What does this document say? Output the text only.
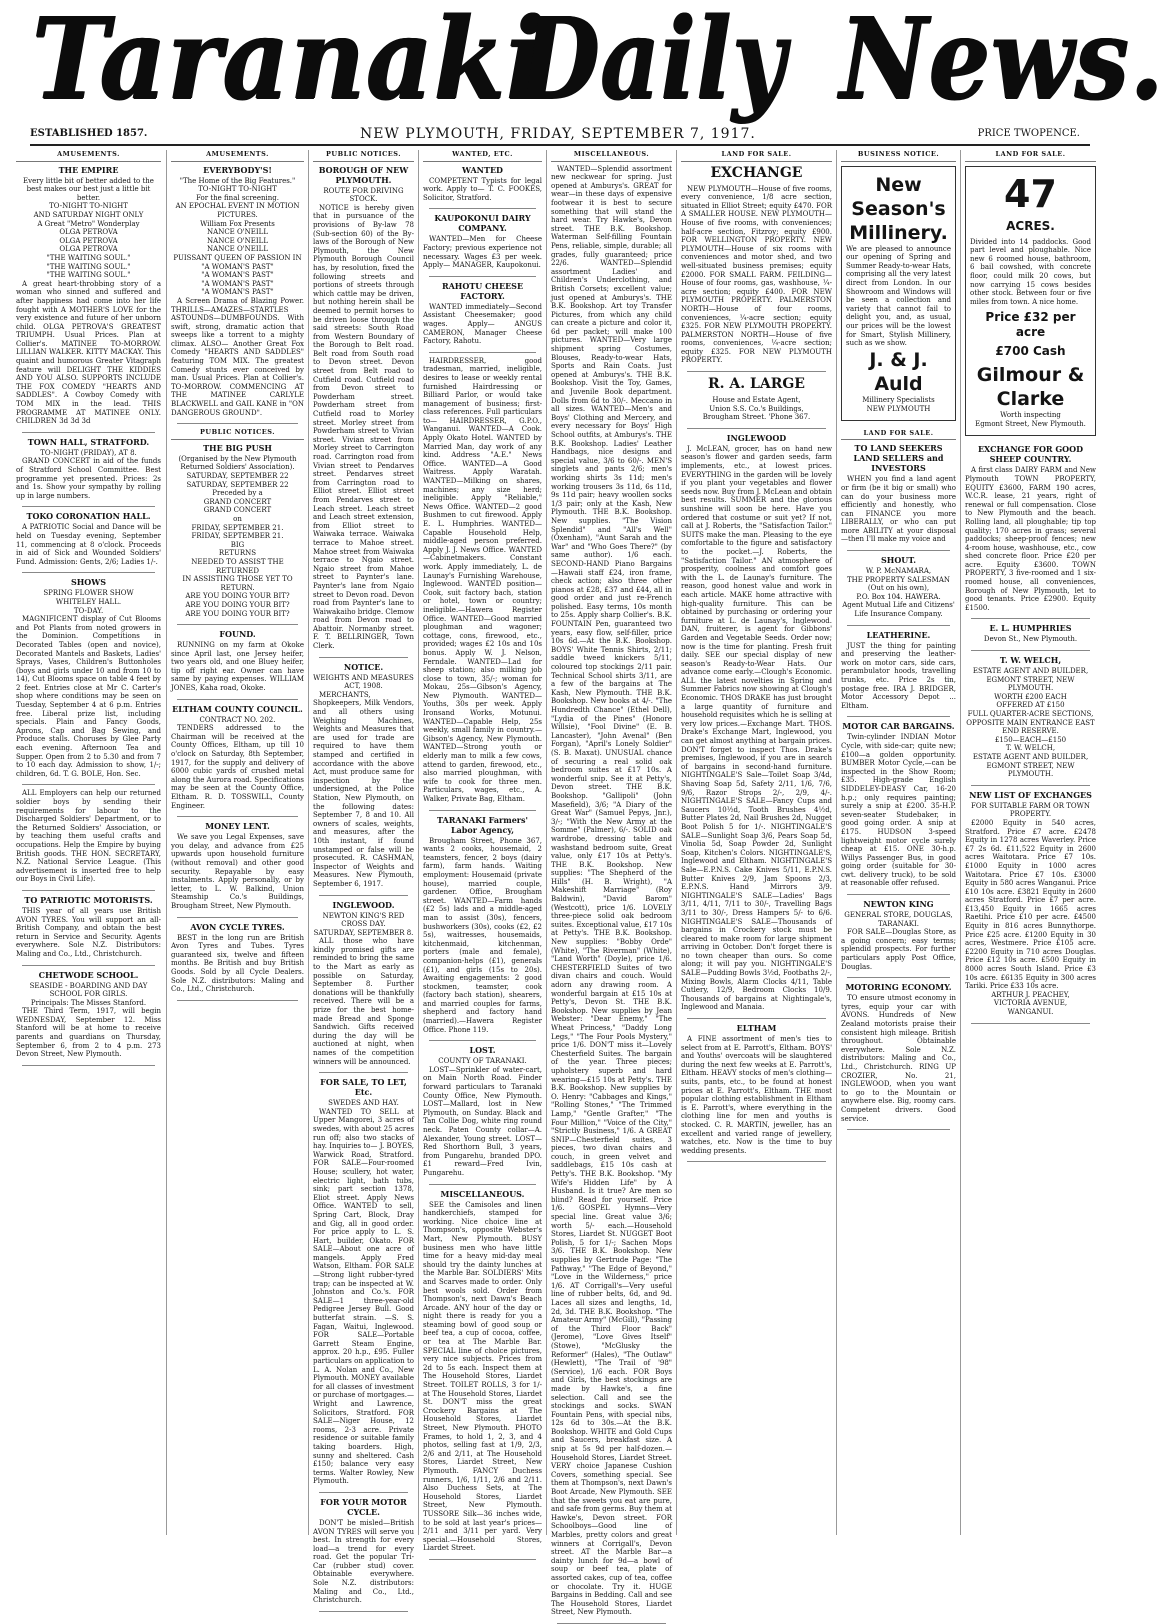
Taranaki
Daily News.
ESTABLISHED 1857.	NEW PLYMOUTH, FRIDAY, SEPTEMBER 7, 1917.	PRICE TWOPENCE.
AMUSEMENTS.
THE EMPIRE
Every little bit of better added to the best makes our best just a little bit better.
TO-NIGHT TO-NIGHT
AND SATURDAY NIGHT ONLY
A Great "Metro" Wonderplay
OLGA PETROVA
OLGA PETROVA
OLGA PETROVA
"THE WAITING SOUL."
"THE WAITING SOUL."
"THE WAITING SOUL."
A great heart-throbbing story of a woman who sinned and suffered and after happiness had come into her life fought with A MOTHER'S LOVE for the very existence and future of her unborn child. OLGA PETROVA'S GREATEST TRIUMPH. Usual Prices. Plan at Collier's. MATINEE TO-MORROW. LILLIAN WALKER. KITTY MACKAY. This quaint and humorous Greater Vitagraph feature will DELIGHT THE KIDDIES AND YOU ALSO. SUPPORTS INCLUDE THE FOX COMEDY "HEARTS AND SADDLES". A Cowboy Comedy with TOM MIX in the lead. THIS PROGRAMME AT MATINEE ONLY. CHILDREN 3d 3d 3d
TOWN HALL, STRATFORD.
TO-NIGHT (FRIDAY), AT 8.
GRAND CONCERT in aid of the funds of Stratford School Committee. Best programme yet presented. Prices: 2s and 1s. Show your sympathy by rolling up in large numbers.
TOKO CORONATION HALL.
A PATRIOTIC Social and Dance will be held on Tuesday evening, September 11, commencing at 8 o'clock. Proceeds in aid of Sick and Wounded Soldiers' Fund. Admission: Gents, 2/6; Ladies 1/-.
SHOWS
SPRING FLOWER SHOW
WHITELEY HALL.
TO-DAY.
MAGNIFICENT display of Cut Blooms and Pot Plants from noted growers in the Dominion. Competitions in Decorated Tables (open and novice), Decorated Mantels and Baskets, Ladies' Sprays, Vases, Children's Buttonholes (boys and girls under 10 and from 10 to 14), Cut Blooms space on table 4 feet by 2 feet. Entries close at Mr C. Carter's shop where conditions may be seen on Tuesday, September 4 at 6 p.m. Entries free. Liberal prize list, including specials. Plain and Fancy Goods, Aprons, Cap and Bag Sewing, and Produce stalls. Choruses by Glee Party each evening. Afternoon Tea and Supper. Open from 2 to 5.30 and from 7 to 10 each day. Admission to show, 1/-; children, 6d. T. G. BOLE, Hon. Sec.
ALL Employers can help our returned soldier boys by sending their requirements for labour to the Discharged Soldiers' Department, or to the Returned Soldiers' Association, or by teaching them useful crafts and occupations. Help the Empire by buying British goods. THE HON. SECRETARY, N.Z. National Service League. (This advertisement is inserted free to help our Boys in Civil Life).
TO PATRIOTIC MOTORISTS.
THIS year of all years use British AVON TYRES. You will support an all-British Company, and obtain the best return in Service and Security. Agents everywhere. Sole N.Z. Distributors: Maling and Co., Ltd., Christchurch.
CHETWODE SCHOOL.
SEASIDE - BOARDING AND DAY SCHOOL FOR GIRLS.
Principals: The Misses Stanford.
THE Third Term, 1917, will begin WEDNESDAY, September 12. Miss Stanford will be at home to receive parents and guardians on Thursday, September 6, from 2 to 4 p.m. 273 Devon Street, New Plymouth.
AMUSEMENTS.
EVERYBODY'S!
"The Home of the Big Features."
TO-NIGHT TO-NIGHT
For the final screening.
AN EPOCHAL EVENT IN MOTION PICTURES.
William Fox Presents
NANCE O'NEILL
NANCE O'NEILL
NANCE O'NEILL
PUISSANT QUEEN OF PASSION IN
"A WOMAN'S PAST"
"A WOMAN'S PAST"
"A WOMAN'S PAST"
"A WOMAN'S PAST"
A Screen Drama of Blazing Power. THRILLS—AMAZES—STARTLES ASTOUNDS—DUMBFOUNDS. With swift, strong, dramatic action that sweeps like a torrent to a mighty climax. ALSO— Another Great Fox Comedy "HEARTS AND SADDLES" featuring TOM MIX. The greatest Comedy stunts ever conceived by man. Usual Prices. Plan at Collier's. TO-MORROW. COMMENCING AT THE MATINEE CARLYLE BLACKWELL and GAIL KANE in "ON DANGEROUS GROUND".
PUBLIC NOTICES.
THE BIG PUSH
(Organised by the New Plymouth Returned Soldiers' Association).
SATURDAY, SEPTEMBER 22
SATURDAY, SEPTEMBER 22
Preceded by a
GRAND CONCERT
GRAND CONCERT
on
FRIDAY, SEPTEMBER 21.
FRIDAY, SEPTEMBER 21.
BIG
RETURNS
NEEDED TO ASSIST THE
RETURNED
IN ASSISTING THOSE YET TO
RETURN.
ARE YOU DOING YOUR BIT?
ARE YOU DOING YOUR BIT?
ARE YOU DOING YOUR BIT?
FOUND.
RUNNING on my farm at Okoke since April last, one Jersey heifer, two years old, and one Bluey heifer, tip off right ear. Owner can have same by paying expenses. WILLIAM JONES, Kaha road, Okoke.
ELTHAM COUNTY COUNCIL.
CONTRACT NO. 202.
TENDERS addressed to the Chairman will be received at the County Offices, Eltham, up till 10 o'clock on Saturday, 8th September, 1917, for the supply and delivery of 6000 cubic yards of crushed metal along the Aurora road. Specifications may be seen at the County Office, Eltham. R. D. TOSSWILL, County Engineer.
MONEY LENT.
We save you Legal Expenses, save you delay, and advance from £25 upwards upon household furniture (without removal) and other good security. Repayable by easy instalments. Apply personally, or by letter, to L. W. Balkind, Union Steamship Co.'s Buildings, Brougham Street, New Plymouth.
AVON CYCLE TYRES.
BEST in the long run are British Avon Tyres and Tubes. Tyres guaranteed six, twelve and fifteen months. Be British and buy British Goods. Sold by all Cycle Dealers. Sole N.Z. distributors: Maling and Co., Ltd., Christchurch.
PUBLIC NOTICES.
BOROUGH OF NEW PLYMOUTH.
ROUTE FOR DRIVING STOCK.
NOTICE is hereby given that in pursuance of the provisions of By-law 78 (Sub-section 60) of the By-laws of the Borough of New Plymouth, the New Plymouth Borough Council has, by resolution, fixed the following streets and portions of streets through which cattle may be driven, but nothing herein shall be deemed to permit horses to be driven loose through the said streets: South Road from Western Boundary of the Borough to Belt road. Belt road from South road to Devon street. Devon street from Belt road to Cutfield road. Cutfield road from Devon street to Powderham street. Powderham street from Cutfield road to Morley street. Morley street from Powderham street to Vivian street. Vivian street from Morley street to Carrington road. Carrington road from Vivian street to Pendarves street. Pendarves street from Carrington road to Elliot street. Elliot street from Pendarves street to Leach street. Leach street and Leach street extension, from Elliot street to Waiwaka terrace. Waiwaka terrace to Mahoe street. Mahoe street from Waiwaka terrace to Ngaio street. Ngaio street from Mahoe street to Paynter's lane. Paynter's lane from Ngaio street to Devon road. Devon road from Paynter's lane to Waiwakaiho bridge. Clemow road from Devon road to Abattoir. Normanby street. F. T. BELLRINGER, Town Clerk.
NOTICE.
WEIGHTS AND MEASURES ACT, 1908.
MERCHANTS, Shopkeepers, Milk Vendors, and all others using Weighing Machines, Weights and Measures that are used for trade are required to have them stamped and certified in accordance with the above Act, must produce same for inspection by the undersigned, at the Police Station, New Plymouth, on the following dates: September 7, 8 and 10. All owners of scales, weights, and measures, after the 10th instant, if found unstamped or false will be prosecuted. R. CASHMAN, Inspector of Weights and Measures. New Plymouth, September 6, 1917.
INGLEWOOD.
NEWTON KING'S RED CROSS DAY.
SATURDAY, SEPTEMBER 8.
ALL those who have kindly promised gifts are reminded to bring the same to the Mart as early as possible on Saturday, September 8. Further donations will be thankfully received. There will be a prize for the best home-made Bread and Sponge Sandwich. Gifts received during the day will be auctioned at night, when names of the competition winners will be announced.
FOR SALE, TO LET, Etc.
SWEDES AND HAY.
WANTED TO SELL at Upper Mangorei, 3 acres of swedes, with about 25 acres run off; also two stacks of hay. Inquiries to— J. BOYES, Warwick Road, Stratford. FOR SALE—Four-roomed House; scullery, hot water, electric light, bath tubs, sink; part section 1378, Eliot street. Apply News Office. WANTED to sell, Spring Cart, Block, Dray and Gig, all in good order. For price apply to L. S. Hart, builder, Okato. FOR SALE—About one acre of mangels. Apply Fred Watson, Eltham. FOR SALE—Strong light rubber-tyred trap; can be inspected at W. Johnston and Co.'s. FOR SALE—1 three-year-old Pedigree Jersey Bull. Good butterfat strain. —S. S. Fagan, Waitui, Inglewood. FOR SALE—Portable Garrett Steam Engine, approx. 20 h.p., £95. Fuller particulars on application to L. A. Nolan and Co., New Plymouth. MONEY available for all classes of investment or purchase of mortgages.—Wright and Lawrence, Solicitors, Stratford. FOR SALE—Niger House, 12 rooms, 2-3 acre. Private residence or suitable family taking boarders. High, sunny and sheltered. Cash £150; balance very easy terms. Walter Rowley, New Plymouth.
FOR YOUR MOTOR CYCLE.
DON'T be misled—British AVON TYRES will serve you best. In strength for every load—a trend for every road. Get the popular Tri-Car (rubber stud) cover. Obtainable everywhere. Sole N.Z. distributors: Maling and Co., Ltd., Christchurch.
WANTED, ETC.
WANTED
COMPETENT Typists for legal work. Apply to— T. C. FOOKES, Solicitor, Stratford.
KAUPOKONUI DAIRY COMPANY.
WANTED—Men for Cheese Factory; previous experience not necessary. Wages £3 per week. Apply— MANAGER, Kaupokonui.
RAHOTU CHEESE FACTORY.
WANTED immediately—Second Assistant Cheesemaker; good wages. Apply— ANGUS CAMERON, Manager Cheese Factory, Rahotu.
HAIRDRESSER, good tradesman, married, ineligible, desires to lease or weekly rental furnished Hairdressing or Billiard Parlor, or would take management of business; first-class references. Full particulars to— HAIRDRESSER, G.P.O., Wanganui. WANTED—A Cook. Apply Okato Hotel. WANTED by Married Man, day work of any kind. Address "A.E." News Office. WANTED—A Good Waitress. Apply Waratah. WANTED—Milking on shares, machines; any size herd; ineligible. Apply "Reliable," News Office. WANTED—2 good Bushmen to cut firewood. Apply E. L. Humphries. WANTED—Capable Household Help, middle-aged person preferred. Apply J. J. News Office. WANTED—Cabinetmakers. Constant work. Apply immediately, L. de Launay's Furnishing Warehouse, Inglewood. WANTED position—Cook, suit factory bach, station or hotel, town or country; ineligible.—Hawera Register Office. WANTED—Good married ploughman and wagoner; cottage, cons, firewood, etc., provided; wages £2 10s and 10s bonus. Apply W. J. Nelson, Ferndale. WANTED—Lad for sheep station; also milking job close to town, 35/-; woman for Mokau, 25s—Gibson's Agency, New Plymouth. WANTED—Youths, 30s per week. Apply Ironsand Works, Motunui. WANTED—Capable Help, 25s weekly, small family in country.—Gibson's Agency, New Plymouth. WANTED—Strong youth or elderly man to milk a few cows, attend to garden, firewood, etc., also married ploughman, with wife to cook for three men. Particulars, wages, etc., A. Walker, Private Bag, Eltham.
TARANAKI Farmers' Labor Agency,
Brougham Street, Phone 367, wants 2 cooks, housemaid, 2 teamsters, fencer, 2 boys (dairy farm), farm hands. Waiting employment: Housemaid (private house), married couple, gardener. Office, Brougham street. WANTED—Farm hands (£2 5s) lads and a middle-aged man to assist (30s), fencers, bushworkers (30s), cooks (£2, £2 5s), waitresses, housemaids, kitchenmaid, kitchenman, porters (male and female), companion-helps (£1), generals (£1), and girls (15s to 20s). Awaiting engagements: 2 good stockmen, teamster, cook (factory bach station), shearers, and married couples for farms, shepherd and factory hand (married).—Hawera Register Office. Phone 119.
LOST.
COUNTY OF TARANAKI.
LOST—Sprinkler of water-cart, on Main North Road. Finder forward particulars to Taranaki County Office, New Plymouth. LOST—Mallard, lost in New Plymouth, on Sunday. Black and Tan Collie Dog, white ring round neck. Paten County collar—A. Alexander, Young street. LOST—Red Shorthorn Bull, 3 years, from Pungarehu, branded DPO. £1 reward—Fred Ivin, Pungarehu.
MISCELLANEOUS.
SEE the Camisoles and linen handkerchiefs, stamped for working. Nice choice line at Thompson's, opposite Webster's Mart, New Plymouth. BUSY business men who have little time for a heavy mid-day meal should try the dainty lunches at the Marble Bar. SOLDIERS' Mits and Scarves made to order. Only best wools sold. Order from Thompson's, next Dawn's Beach Arcade. ANY hour of the day or night there is ready for you a steaming bowl of good soup or beef tea, a cup of cocoa, coffee, or tea at The Marble Bar. SPECIAL line of cholce pictures, very nice subjects. Prices from 2d to 5s each. Inspect them at The Household Stores, Liardet Street. TOILET ROLLS, 3 for 1/- at The Household Stores, Liardet St. DON'T miss the great Crockery Bargains at The Household Stores, Liardet Street, New Plymouth. PHOTO Frames, to hold 1, 2, 3, and 4 photos, selling fast at 1/9, 2/3, 2/6 and 2/11, at The Household Stores, Liardet Street, New Plymouth. FANCY Duchess runners, 1/6, 1/11, 2/6 and 2/11. Also Duchess Sets, at The Household Stores, Liardet Street, New Plymouth. TUSSORE Silk—36 inches wide, to be sold at last year's prices—2/11 and 3/11 per yard. Very special.—Household Stores, Liardet Street.
MISCELLANEOUS.
WANTED—Splendid assortment new neckwear for spring. Just opened at Amburys's. GREAT for wear—in these days of expensive footwear it is best to secure something that will stand the hard wear. Try Hawke's, Devon street. THE B.K. Bookshop. Waterman Self-filling Fountain Pens, reliable, simple, durable; all grades, fully guaranteed; price 22/6. WANTED—Splendid assortment Ladies' and Children's Underclothing, and British Corsets; excellent value; just opened at Amburys's. THE B.K. Bookshop. Art toy Transfer Pictures, from which any child can create a picture and color it, 6d per packet; will make 100 pictures. WANTED—Very large shipment spring Costumes, Blouses, Ready-to-wear Hats, Sports and Rain Coats. Just opened at Amburys's. THE B.K. Bookshop. Visit the Toy, Games, and Juvenile Book department. Dolls from 6d to 30/-. Meccano in all sizes. WANTED—Men's and Boys' Clothing and Mercery, and every necessary for Boys' High School outfits, at Amburys's. THE B.K. Bookshop. Ladies' Leather Handbags, nice designs and special value, 3/6 to 60/-. MEN'S singlets and pants 2/6; men's working shirts 3s 11d; men's working trousers 3s 11d, 6s 11d, 9s 11d pair; heavy woollen socks 1/3 pair; only at the Kash, New Plymouth. THE B.K. Bookshop. New supplies. "The Vision Splendid" and "All's Well" (Oxenham), "Aunt Sarah and the War" and "Who Goes There?" (by same author). 1/6 each. SECOND-HAND Piano Bargains—Hawaii staff £24, iron frame, check action; also three other pianos at £28, £37 and £44, all in good order and just re-French polished. Easy terms, 10s month to 25s. Apply sharp Collier's. B.K. FOUNTAIN Pen, guaranteed two years, easy flow, self-filler, price 10s 6d.—At the B.K. Bookshop. BOYS' White Tennis Shirts, 2/11; saddle tweed knickers 5/11, coloured top stockings 2/11 pair. Technical School shirts 3/11, are a few of the bargains at The Kash, New Plymouth. THE B.K. Bookshop. New books at 4/-. "The Hundredth Chance" (Ethel Dell), "Lydia of the Pines" (Honore Willsie), "Fool Divine" (E. B. Lancaster), "John Avenal" (Ben Forgan), "April's Lonely Soldier" (S. B. Maxat). UNUSUAL chance of securing a real solid oak bedroom suites at £17 10s. A wonderful snip. See it at Petty's, Devon street. THE B.K. Bookshop. "Gallipoli" (John Masefield), 3/6; "A Diary of the Great War" (Samuel Pepys, Jnr.), 3/-; "With the New Army at the Somme" (Palmer), 6/-. SOLID oak wardrobe, dressing table and washstand bedroom suite, Great value, only £17 10s at Petty's. THE B.K. Bookshop. New supplies: "The Shepherd of the Hills" (H. B. Wright), "A Makeshift Marriage" (Roy Baldwin), "David Barom" (Westcott), price 1/6. LOVELY three-piece solid oak bedroom suites. Exceptional value, £17 10s at Petty's. THE B.K. Bookshop. New supplies: "Bobby Orde" (White), "The Riverman" (White), "Land Worth" (Doyle), price 1/6. CHESTERFIELD Suites of two divan chairs and couch. Would adorn any drawing room. A wonderful bargain at £15 10s at Petty's, Devon St. THE B.K. Bookshop. New supplies by Jean Webster: "Dear Enemy," "The Wheat Princess," "Daddy Long Legs," "The Four Pools Mystery," price 1/6. DON'T miss it—Lovely Chesterfield Suites. The bargain of the year. Three pieces; upholstery superb and hard wearing—£15 10s at Petty's. THE B.K. Bookshop. New supplies by O. Henry: "Cabbages and Kings," "Rolling Stones," "The Trimmed Lamp," "Gentle Grafter," "The Four Million," "Voice of the City," "Strictly Business," 1/6. A GREAT SNIP—Chesterfield suites, 3 pieces, two divan chairs and couch, in green velvet and saddlebags, £15 10s cash at Petty's. THE B.K. Bookshop. "My Wife's Hidden Life" by A Husband. Is it true? Are men so blind? Read for yourself. Price 1/6. GOSPEL Hymns—Very special line. Great value 3/6; worth 5/- each.—Household Stores, Liardet St. NUGGET Boot Polish, 5 for 1/-; Sachen Mops 3/6. THE B.K. Bookshop. New supplies by Gertrude Page: "The Pathway," "The Edge of Beyond," "Love in the Wilderness," price 1/6. AT Corrigall's—Very useful line of rubber belts, 6d, and 9d. Laces all sizes and lengths, 1d, 2d, 3d. THE B.K. Bookshop. "The Amateur Army" (McGill), "Passing of the Third Floor Back" (Jerome), "Love Gives Itself" (Stowe), "McGlusky the Reformer" (Hales), "The Outlaw" (Hewlett), "The Trail of '98" (Service), 1/6 each. FOR Boys and Girls, the best stockings are made by Hawke's, a fine selection. Call and see the stockings and socks. SWAN Fountain Pens, with special nibs, 12s 6d to 30s.—At the B.K. Bookshop. WHITE and Gold Cups and Saucers, breakfast size. A snip at 5s 9d per half-dozen.—Household Stores, Liardet Street. VERY choice Japanese Cushion Covers, something special. See them at Thompson's, next Dawn's Boot Arcade, New Plymouth. SEE that the sweets you eat are pure, and safe from germs. Buy them at Hawke's, Devon street. FOR Schoolboys—Good line of Marbles, pretty colors and great winners at Corrigall's, Devon street. AT the Marble Bar—a dainty lunch for 9d—a bowl of soup or beef tea, plate of assorted cakes, cup of tea, coffee or chocolate. Try it. HUGE Bargains in Bedding. Call and see The Household Stores, Liardet Street, New Plymouth.
LAND FOR SALE.
EXCHANGE
NEW PLYMOUTH—House of five rooms, every convenience, 1/8 acre section, situated in Elliot Street; equity £470. FOR A SMALLER HOUSE. NEW PLYMOUTH—House of five rooms, with conveniences; half-acre section, Fitzroy; equity £900. FOR WELLINGTON PROPERTY. NEW PLYMOUTH—House of six rooms with conveniences and motor shed, and two well-situated business premises; equity £2000. FOR SMALL FARM. FEILDING—House of four rooms, gas, washhouse, ¼-acre section; equity £400. FOR NEW PLYMOUTH PROPERTY. PALMERSTON NORTH—House of four rooms, conveniences, ¼-acre section; equity £325. FOR NEW PLYMOUTH PROPERTY. PALMERSTON NORTH—House of five rooms, conveniences, ¼-acre section; equity £325. FOR NEW PLYMOUTH PROPERTY.
R. A. LARGE
House and Estate Agent,
Union S.S. Co.'s Buildings,
Brougham Street. 'Phone 367.
INGLEWOOD
J. McLEAN, grocer, has on hand new season's flower and garden seeds, farm implements, etc., at lowest prices. EVERYTHING in the garden will be lovely if you plant your vegetables and flower seeds now. Buy from J. McLean and obtain best results. SUMMER and the glorious sunshine will soon be here. Have you ordered that costume or suit yet? If not, call at J. Roberts, the "Satisfaction Tailor." SUITS make the man. Pleasing to the eye comfortable to the figure and satisfactory to the pocket.—J. Roberts, the "Satisfaction Tailor." AN atmosphere of prosperity, coolness and comfort goes with the L. de Launay's furniture. The reason, good honest value and work in each article. MAKE home attractive with high-quality furniture. This can be obtained by purchasing or ordering your furniture at L. de Launay's, Inglewood. DAN, fruiterer, is agent for Gibbons' Garden and Vegetable Seeds. Order now; now is the time for planting. Fresh fruit daily. SEE our special display of new season's Ready-to-Wear Hats. Our advance come early.—Clough's Economic. ALL the latest novelties in Spring and Summer Fabrics now showing at Clough's Economic. THOS DRAKE has just brought a large quantity of furniture and household requisites which he is selling at very low prices.—Exchange Mart. THOS. Drake's Exchange Mart, Inglewood, you can get almost anything at bargain prices. DON'T forget to inspect Thos. Drake's premises, Inglewood, if you are in search of bargains in second-hand furniture. NIGHTINGALE'S Sale—Toilet Soap 3/4d, Shaving Soap 5d, Safety 2/11, 1/6, 7/6, 9/6, Razor Strops 2/-, 2/9, 4/-. NIGHTINGALE'S SALE—Fancy Cups and Saucers 10½d, Tooth Brushes 4½d, Butter Plates 2d, Nail Brushes 2d, Nugget Boot Polish 5 for 1/-. NIGHTINGALE'S SALE—Sunlight Soap 3/6, Pears Soap 5d, Vinolia 5d, Soap Powder 2d, Sunlight Soap, Kitchen's Colors. NIGHTINGALE'S, Inglewood and Eltham. NIGHTINGALE'S Sale—E.P.N.S. Cake Knives 5/11, E.P.N.S. Butter Knives 2/9, Jam Spoons 2/3, E.P.N.S. Hand Mirrors 3/9. NIGHTINGALE'S SALE—Ladies' Bags 3/11, 4/11, 7/11 to 30/-, Travelling Bags 3/11 to 30/-, Dress Hampers 5/- to 6/6. NIGHTINGALE'S SALE—Thousands of bargains in Crockery stock must be cleared to make room for large shipment arriving in October. Don't forget there is no town cheaper than ours. So come along; it will pay you. NIGHTINGALE'S SALE—Pudding Bowls 3½d, Footbaths 2/-, Mixing Bowls, Alarm Clocks 4/11, Table Cutlery, 12/9, Bedroom Clocks 10/9. Thousands of bargains at Nightingale's, Inglewood and Manaia.
ELTHAM
A FINE assortment of men's ties to select from at E. Parrott's, Eltham. BOYS' and Youths' overcoats will be slaughtered during the next few weeks at E. Parrott's, Eltham. HEAVY stocks of men's clothing—suits, pants, etc., to be found at honest prices at E. Parrott's, Eltham. THE most popular clothing establishment in Eltham is E. Parrott's, where everything in the clothing line for men and youths is stocked. C. R. MARTIN, jeweller, has an excellent and varied range of jewellery, watches, etc. Now is the time to buy wedding presents.
BUSINESS NOTICE.
New
Season's
Millinery.
We are pleased to announce our opening of Spring and Summer Ready-to-wear Hats, comprising all the very latest direct from London. In our Showroom and Windows will be seen a collection and variety that cannot fail to delight you, and, as usual, our prices will be the lowest for Smart, Stylish Millinery, such as we show.
J. & J. Auld
Millinery Specialists
NEW PLYMOUTH
LAND FOR SALE.
TO LAND SEEKERS LAND SELLERS and INVESTORS
WHEN you find a land agent or firm (be it big or small) who can do your business more efficiently and honestly, who can FINANCE you more LIBERALLY, or who can put more ABILITY at your disposal—then I'll make my voice and
SHOUT.
W. P. McNAMARA,
THE PROPERTY SALESMAN (Out on his own),
P.O. Box 104. HAWERA.
Agent Mutual Life and Citizens' Life Insurance Company.
LEATHERINE.
JUST the thing for painting and preserving the leather-work on motor cars, side cars, perambulator hoods, travelling trunks, etc. Price 2s tin, postage free. IRA J. BRIDGER, Motor Accessory Depot ... Eltham.
MOTOR CAR BARGAINS.
Twin-cylinder INDIAN Motor Cycle, with side-car; quite new; £100—a golden opportunity. BUMBER Motor Cycle,—can be inspected in the Show Room; £35. High-grade English SIDDELEY-DEASY Car, 16-20 h.p.; only requires painting; surely a snip at £200. 35-H.P. seven-seater Studebaker, in good going order. A snip at £175. HUDSON 3-speed lightweight motor cycle surely cheap at £15. ONE 30-h.p. Willys Passenger Bus, in good going order (suitable for 30-cwt. delivery truck), to be sold at reasonable offer refused.
NEWTON KING
GENERAL STORE, DOUGLAS, TARANAKI.
FOR SALE—Douglas Store, as a going concern; easy terms; splendid prospects. For further particulars apply Post Office, Douglas.
MOTORING ECONOMY.
TO ensure utmost economy in tyres, equip your car with AVONS. Hundreds of New Zealand motorists praise their consistent high mileage. British throughout. Obtainable everywhere. Sole N.Z. distributors: Maling and Co., Ltd., Christchurch. RING UP CROZIER, No. 21, INGLEWOOD, when you want to go to the Mountain or anywhere else. Big, roomy cars. Competent drivers. Good service.
LAND FOR SALE.
47
ACRES.
Divided into 14 paddocks. Good part level and ploughable. Nice new 6 roomed house, bathroom, 6 bail cowshed, with concrete floor, could milk 20 cows, but now carrying 15 cows besides other stock. Between four or five miles from town. A nice home.
Price £32 per acre
£700 Cash
Gilmour & Clarke
Worth inspecting
Egmont Street, New Plymouth.
EXCHANGE FOR GOOD SHEEP COUNTRY.
A first class DAIRY FARM and New Plymouth TOWN PROPERTY, EQUITY £3600, FARM 190 acres, W.C.R. lease, 21 years, right of renewal or full compensation. Close to New Plymouth and the beach. Rolling land, all ploughable; tip top quality; 170 acres in grass; several paddocks; sheep-proof fences; new 4-room house, washhouse, etc., cow shed concrete floor. Price £20 per acre. Equity £3600. TOWN PROPERTY, 3 five-roomed and 1 six-roomed house, all conveniences, Borough of New Plymouth, let to good tenants. Price £2900. Equity £1500.
E. L. HUMPHRIES
Devon St., New Plymouth.
T. W. WELCH,
ESTATE AGENT AND BUILDER,
EGMONT STREET, NEW PLYMOUTH.
WORTH £200 EACH
OFFERED AT £150
FULL QUARTER-ACRE SECTIONS, OPPOSITE MAIN ENTRANCE EAST END RESERVE.
£150—EACH—£150
T. W. WELCH,
ESTATE AGENT AND BUILDER, EGMONT STREET, NEW PLYMOUTH.
NEW LIST OF EXCHANGES
FOR SUITABLE FARM OR TOWN PROPERTY.
£2000 Equity in 540 acres, Stratford. Price £7 acre. £2478 Equity in 1278 acres Waverley. Price £7 2s 6d. £11,522 Equity in 2600 acres Waitotara. Price £7 10s. £1000 Equity in 1000 acres Waitotara. Price £7 10s. £3000 Equity in 580 acres Wanganui. Price £10 10s acre. £3821 Equity in 2600 acres Stratford. Price £7 per acre. £13,450 Equity in 1665 acres Raetihi. Price £10 per acre. £4500 Equity in 816 acres Bunnythorpe. Price £25 acre. £1200 Equity in 30 acres, Westmere. Price £105 acre. £2200 Equity in 710 acres Douglas. Price £12 10s acre. £500 Equity in 8000 acres South Island. Price £3 10s acre. £6135 Equity in 300 acres Tariki. Price £33 10s acre.
ARTHUR J. PEACHEY,
VICTORIA AVENUE,
WANGANUI.
